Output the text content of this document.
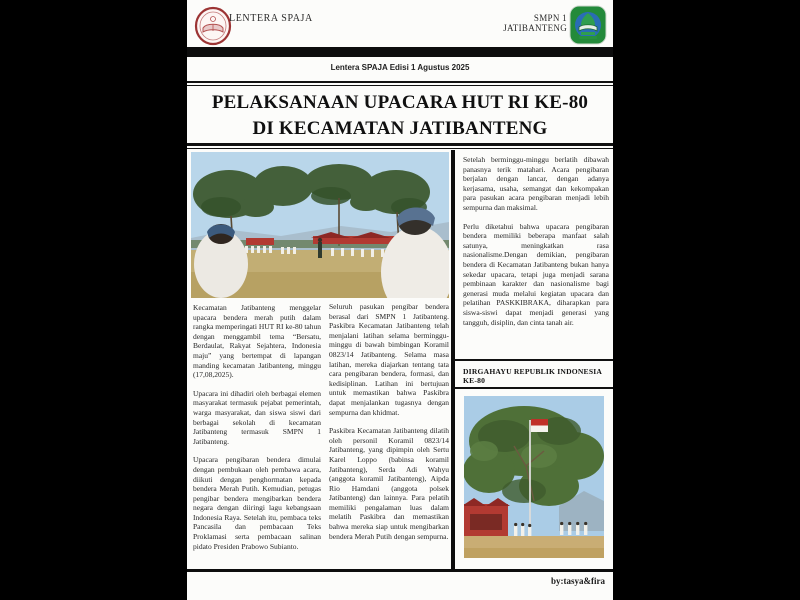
LENTERA SPAJA	SMPN 1 JATIBANTENG
Lentera SPAJA Edisi 1 Agustus 2025
PELAKSANAAN UPACARA HUT RI KE-80
DI KECAMATAN JATIBANTENG

Kecamatan Jatibanteng menggelar upacara bendera merah putih dalam rangka memperingati HUT RI ke-80 tahun dengan menggambil tema “Bersatu, Berdaulat, Rakyat Sejahtera, Indonesia maju” yang bertempat di lapangan manding kecamatan Jatibanteng, minggu (17,08,2025).

Upacara ini dihadiri oleh berbagai elemen masyarakat termasuk pejabat pemerintah, warga masyarakat, dan siswa siswi dari berbagai sekolah di kecamatan Jatibanteng termasuk SMPN 1 Jatibanteng.

Upacara pengibaran bendera dimulai dengan pembukaan oleh pembawa acara, diikuti dengan penghormatan kepada bendera Merah Putih. Kemudian, petugas pengibar bendera mengibarkan bendera negara dengan diiringi lagu kebangsaan Indonesia Raya. Setelah itu, pembaca teks Pancasila dan pembacaan Teks Proklamasi serta pembacaan salinan pidato Presiden Prabowo Subianto.

Seluruh pasukan pengibar bendera berasal dari SMPN 1 Jatibanteng. Paskibra Kecamatan Jatibanteng telah menjalani latihan selama berminggu-minggu di bawah bimbingan Koramil 0823/14 Jatibanteng. Selama masa latihan, mereka diajarkan tentang tata cara pengibaran bendera, formasi, dan kedisiplinan. Latihan ini bertujuan untuk memastikan bahwa Paskibra dapat menjalankan tugasnya dengan sempurna dan khidmat.

Paskibra Kecamatan Jatibanteng dilatih oleh personil Koramil 0823/14 Jatibanteng, yang dipimpin oleh Sertu Karel Loppo (babinsa koramil Jatibanteng), Serda Adi Wahyu (anggota koramil Jatibanteng), Aipda Rio Hamdani (anggota polsek Jatibanteng) dan lainnya. Para pelatih memiliki pengalaman luas dalam melatih Paskibra dan memastikan bahwa mereka siap untuk mengibarkan bendera Merah Putih dengan sempurna.

Setelah berminggu-minggu berlatih dibawah panasnya terik matahari. Acara pengibaran berjalan dengan lancar, dengan adanya kerjasama, usaha, semangat dan kekompakan para pasukan acara pengibaran menjadi lebih sempurna dan maksimal.

Perlu diketahui bahwa upacara pengibaran bendera memiliki beberapa manfaat salah satunya, meningkatkan rasa nasionalisme.Dengan demikian, pengibaran bendera di Kecamatan Jatibanteng bukan hanya sekedar upacara, tetapi juga menjadi sarana pembinaan karakter dan nasionalisme bagi generasi muda melalui kegiatan upacara dan pelatihan PASKKIBRAKA, diharapkan para siswa-siswi dapat menjadi generasi yang tangguh, disiplin, dan cinta tanah air.

DIRGAHAYU REPUBLIK INDONESIA KE-80
by:tasya&fira
